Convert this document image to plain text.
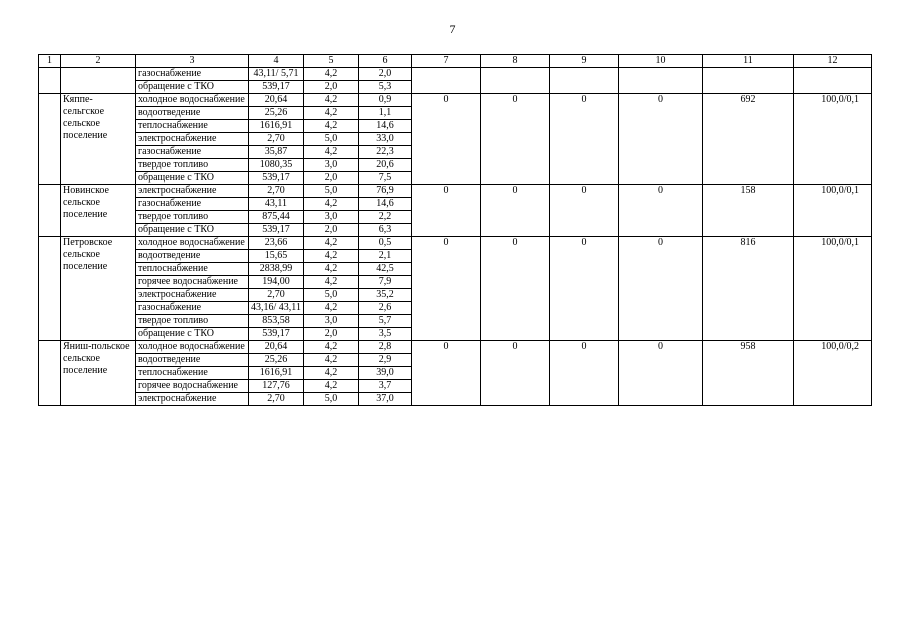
7
1	2	3	4	5	6	7	8	9	10	11	12
		газоснабжение	43,11/ 5,71	4,2	2,0						
		обращение с ТКО	539,17	2,0	5,3						
	Кяппе-сельгское сельское поселение	холодное водоснабжение	20,64	4,2	0,9	0	0	0	0	692	100,0/0,1
		водоотведение	25,26	4,2	1,1						
		теплоснабжение	1616,91	4,2	14,6						
		электроснабжение	2,70	5,0	33,0						
		газоснабжение	35,87	4,2	22,3						
		твердое топливо	1080,35	3,0	20,6						
		обращение с ТКО	539,17	2,0	7,5						
	Новинское сельское поселение	электроснабжение	2,70	5,0	76,9	0	0	0	0	158	100,0/0,1
		газоснабжение	43,11	4,2	14,6						
		твердое топливо	875,44	3,0	2,2						
		обращение с ТКО	539,17	2,0	6,3						
	Петровское сельское поселение	холодное водоснабжение	23,66	4,2	0,5	0	0	0	0	816	100,0/0,1
		водоотведение	15,65	4,2	2,1						
		теплоснабжение	2838,99	4,2	42,5						
		горячее водоснабжение	194,00	4,2	7,9						
		электроснабжение	2,70	5,0	35,2						
		газоснабжение	43,16/ 43,11	4,2	2,6						
		твердое топливо	853,58	3,0	5,7						
		обращение с ТКО	539,17	2,0	3,5						
	Яниш-польское сельское поселение	холодное водоснабжение	20,64	4,2	2,8	0	0	0	0	958	100,0/0,2
		водоотведение	25,26	4,2	2,9						
		теплоснабжение	1616,91	4,2	39,0						
		горячее водоснабжение	127,76	4,2	3,7						
		электроснабжение	2,70	5,0	37,0						
